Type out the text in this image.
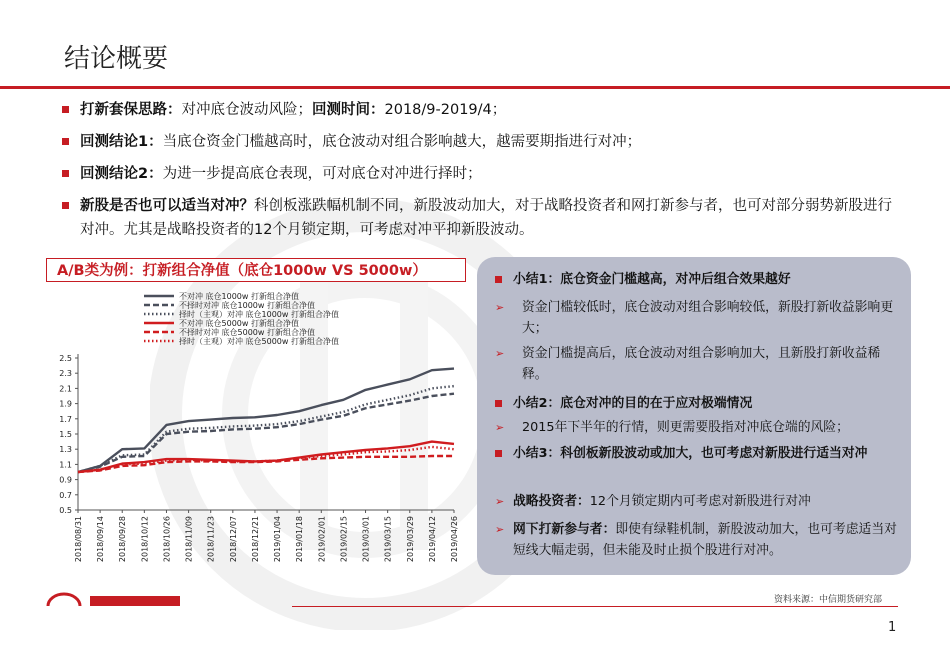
结论概要
打新套保思路：对冲底仓波动风险；回测时间：2018/9-2019/4；
回测结论1：当底仓资金门槛越高时，底仓波动对组合影响越大，越需要期指进行对冲；
回测结论2：为进一步提高底仓表现，可对底仓对冲进行择时；
新股是否也可以适当对冲？科创板涨跌幅机制不同，新股波动加大，对于战略投资者和网打新参与者，也可对部分弱势新股进行对冲。尤其是战略投资者的12个月锁定期，可考虑对冲平抑新股波动。
A/B类为例：打新组合净值（底仓1000w VS 5000w）
0.5
0.7
0.9
1.1
1.3
1.5
1.7
1.9
2.1
2.3
2.5
2018/08/31 2018/09/14 2018/09/28 2018/10/12 2018/10/26 2018/11/09 2018/11/23 2018/12/07 2018/12/21 2019/01/04 2019/01/18 2019/02/01 2019/02/15 2019/03/01 2019/03/15 2019/03/29 2019/04/12 2019/04/26
不对冲 底仓1000w 打新组合净值
不择时对冲 底仓1000w 打新组合净值
择时（主观）对冲 底仓1000w 打新组合净值
不对冲 底仓5000w 打新组合净值
不择时对冲 底仓5000w 打新组合净值
择时（主观）对冲 底仓5000w 打新组合净值
小结1：底仓资金门槛越高，对冲后组合效果越好
➢	资金门槛较低时，底仓波动对组合影响较低，新股打新收益影响更大；
➢	资金门槛提高后，底仓波动对组合影响加大，且新股打新收益稀释。
小结2：底仓对冲的目的在于应对极端情况
➢	2015年下半年的行情，则更需要股指对冲底仓端的风险；
小结3：科创板新股波动或加大，也可考虑对新股进行适当对冲
➢ 战略投资者：12个月锁定期内可考虑对新股进行对冲
➢ 网下打新参与者：即使有绿鞋机制，新股波动加大，也可考虑适当对短线大幅走弱，但未能及时止损个股进行对冲。
资料来源：中信期货研究部
1
